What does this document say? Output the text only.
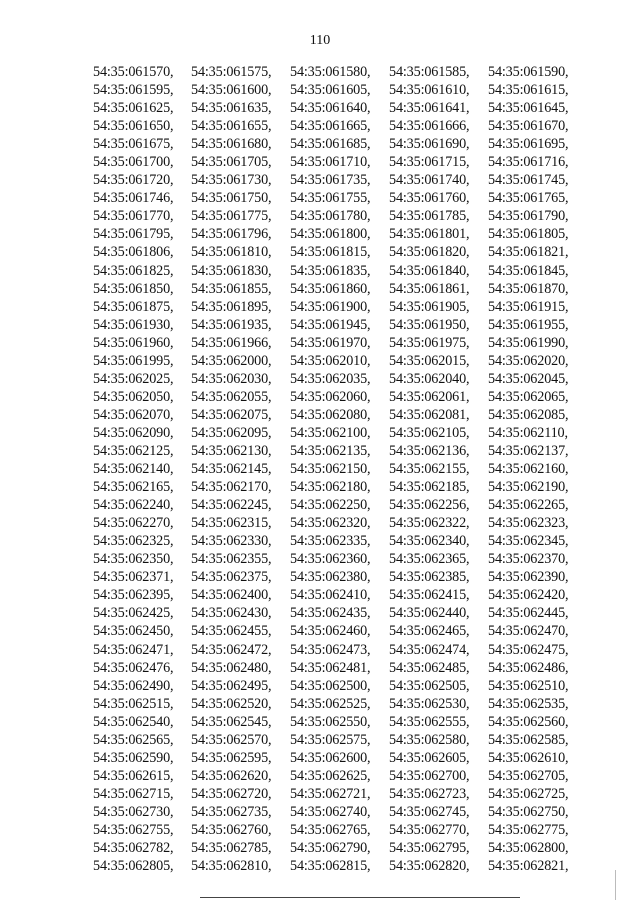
110
54:35:061570,	54:35:061575,	54:35:061580,	54:35:061585,	54:35:061590,
54:35:061595,	54:35:061600,	54:35:061605,	54:35:061610,	54:35:061615,
54:35:061625,	54:35:061635,	54:35:061640,	54:35:061641,	54:35:061645,
54:35:061650,	54:35:061655,	54:35:061665,	54:35:061666,	54:35:061670,
54:35:061675,	54:35:061680,	54:35:061685,	54:35:061690,	54:35:061695,
54:35:061700,	54:35:061705,	54:35:061710,	54:35:061715,	54:35:061716,
54:35:061720,	54:35:061730,	54:35:061735,	54:35:061740,	54:35:061745,
54:35:061746,	54:35:061750,	54:35:061755,	54:35:061760,	54:35:061765,
54:35:061770,	54:35:061775,	54:35:061780,	54:35:061785,	54:35:061790,
54:35:061795,	54:35:061796,	54:35:061800,	54:35:061801,	54:35:061805,
54:35:061806,	54:35:061810,	54:35:061815,	54:35:061820,	54:35:061821,
54:35:061825,	54:35:061830,	54:35:061835,	54:35:061840,	54:35:061845,
54:35:061850,	54:35:061855,	54:35:061860,	54:35:061861,	54:35:061870,
54:35:061875,	54:35:061895,	54:35:061900,	54:35:061905,	54:35:061915,
54:35:061930,	54:35:061935,	54:35:061945,	54:35:061950,	54:35:061955,
54:35:061960,	54:35:061966,	54:35:061970,	54:35:061975,	54:35:061990,
54:35:061995,	54:35:062000,	54:35:062010,	54:35:062015,	54:35:062020,
54:35:062025,	54:35:062030,	54:35:062035,	54:35:062040,	54:35:062045,
54:35:062050,	54:35:062055,	54:35:062060,	54:35:062061,	54:35:062065,
54:35:062070,	54:35:062075,	54:35:062080,	54:35:062081,	54:35:062085,
54:35:062090,	54:35:062095,	54:35:062100,	54:35:062105,	54:35:062110,
54:35:062125,	54:35:062130,	54:35:062135,	54:35:062136,	54:35:062137,
54:35:062140,	54:35:062145,	54:35:062150,	54:35:062155,	54:35:062160,
54:35:062165,	54:35:062170,	54:35:062180,	54:35:062185,	54:35:062190,
54:35:062240,	54:35:062245,	54:35:062250,	54:35:062256,	54:35:062265,
54:35:062270,	54:35:062315,	54:35:062320,	54:35:062322,	54:35:062323,
54:35:062325,	54:35:062330,	54:35:062335,	54:35:062340,	54:35:062345,
54:35:062350,	54:35:062355,	54:35:062360,	54:35:062365,	54:35:062370,
54:35:062371,	54:35:062375,	54:35:062380,	54:35:062385,	54:35:062390,
54:35:062395,	54:35:062400,	54:35:062410,	54:35:062415,	54:35:062420,
54:35:062425,	54:35:062430,	54:35:062435,	54:35:062440,	54:35:062445,
54:35:062450,	54:35:062455,	54:35:062460,	54:35:062465,	54:35:062470,
54:35:062471,	54:35:062472,	54:35:062473,	54:35:062474,	54:35:062475,
54:35:062476,	54:35:062480,	54:35:062481,	54:35:062485,	54:35:062486,
54:35:062490,	54:35:062495,	54:35:062500,	54:35:062505,	54:35:062510,
54:35:062515,	54:35:062520,	54:35:062525,	54:35:062530,	54:35:062535,
54:35:062540,	54:35:062545,	54:35:062550,	54:35:062555,	54:35:062560,
54:35:062565,	54:35:062570,	54:35:062575,	54:35:062580,	54:35:062585,
54:35:062590,	54:35:062595,	54:35:062600,	54:35:062605,	54:35:062610,
54:35:062615,	54:35:062620,	54:35:062625,	54:35:062700,	54:35:062705,
54:35:062715,	54:35:062720,	54:35:062721,	54:35:062723,	54:35:062725,
54:35:062730,	54:35:062735,	54:35:062740,	54:35:062745,	54:35:062750,
54:35:062755,	54:35:062760,	54:35:062765,	54:35:062770,	54:35:062775,
54:35:062782,	54:35:062785,	54:35:062790,	54:35:062795,	54:35:062800,
54:35:062805,	54:35:062810,	54:35:062815,	54:35:062820,	54:35:062821,
